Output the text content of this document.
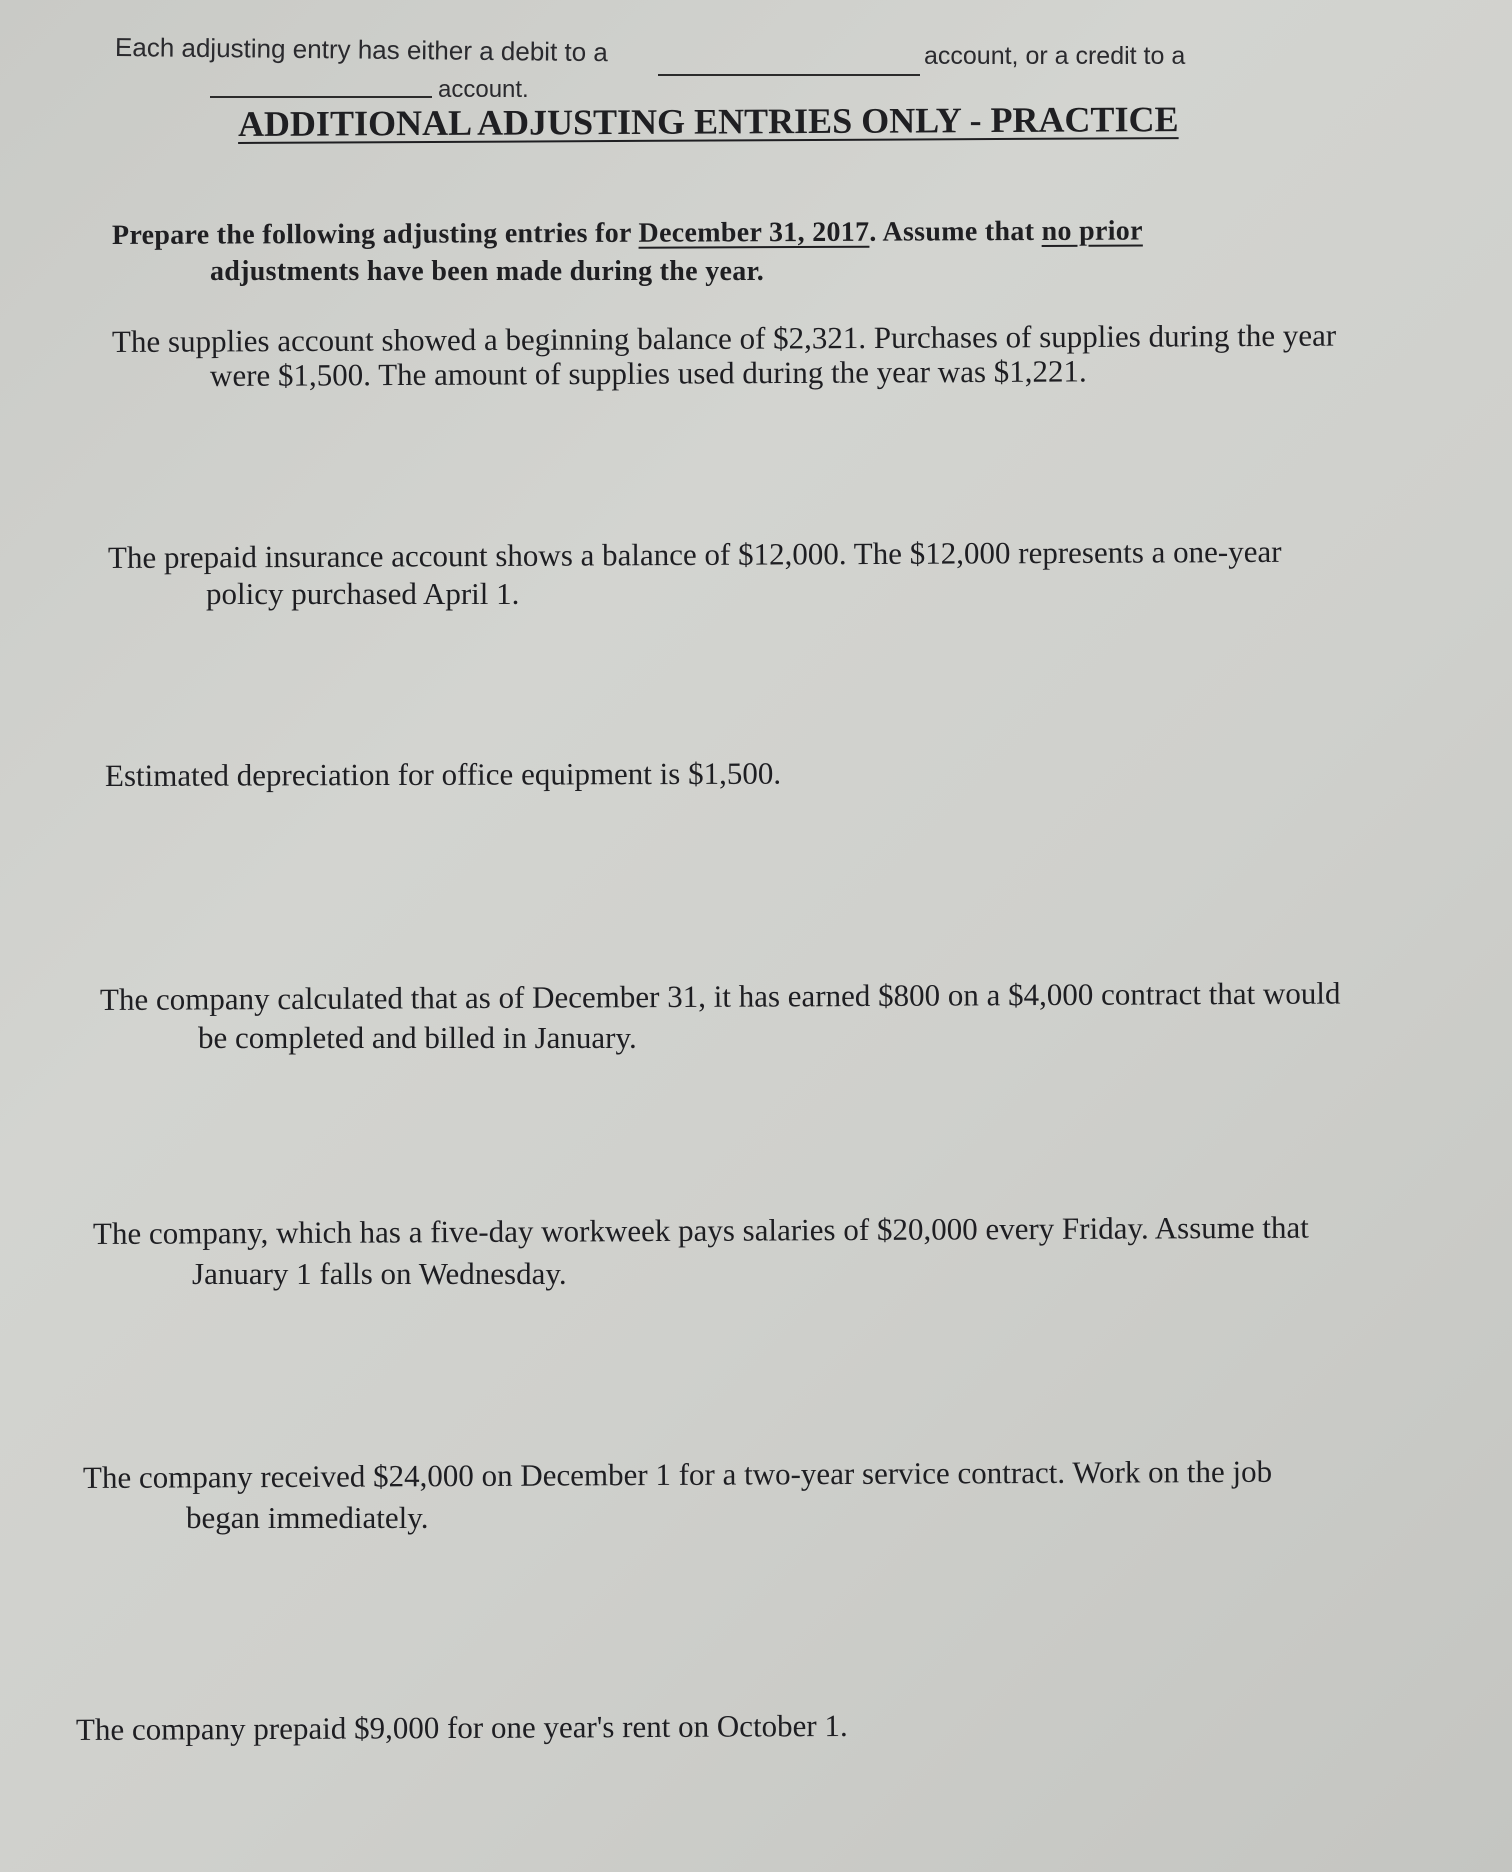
Each adjusting entry has either a debit to a	account, or a credit to a
account.
ADDITIONAL ADJUSTING ENTRIES ONLY - PRACTICE
Prepare the following adjusting entries for December 31, 2017. Assume that no prior
adjustments have been made during the year.
The supplies account showed a beginning balance of $2,321. Purchases of supplies during the year
were $1,500. The amount of supplies used during the year was $1,221.
The prepaid insurance account shows a balance of $12,000. The $12,000 represents a one-year
policy purchased April 1.
Estimated depreciation for office equipment is $1,500.
The company calculated that as of December 31, it has earned $800 on a $4,000 contract that would
be completed and billed in January.
The company, which has a five-day workweek pays salaries of $20,000 every Friday. Assume that
January 1 falls on Wednesday.
The company received $24,000 on December 1 for a two-year service contract. Work on the job
began immediately.
The company prepaid $9,000 for one year's rent on October 1.
